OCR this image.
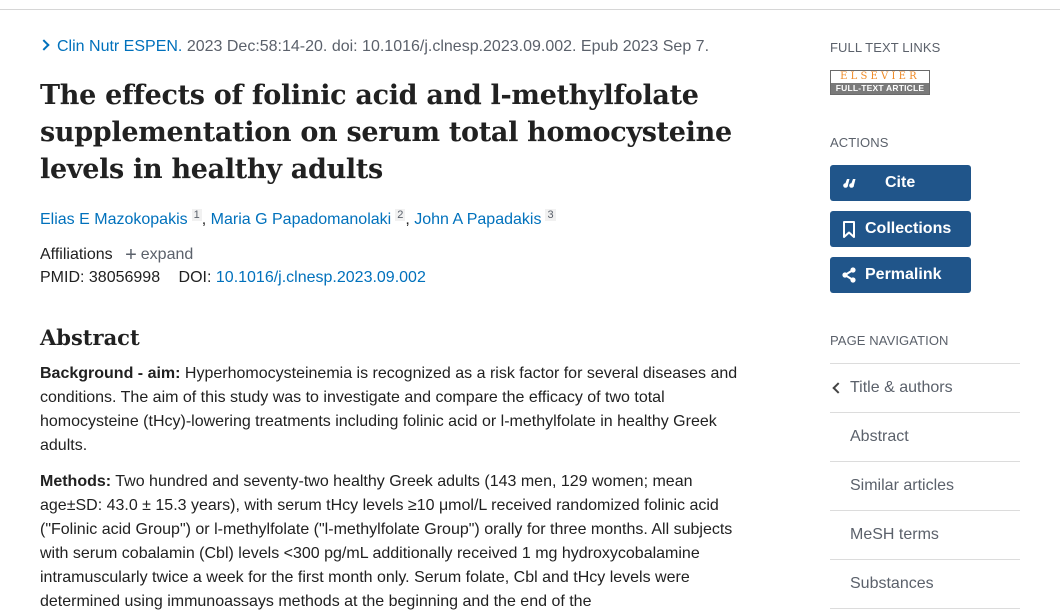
Clin Nutr ESPEN. 2023 Dec:58:14-20. doi: 10.1016/j.clnesp.2023.09.002. Epub 2023 Sep 7.
The effects of folinic acid and l-methylfolate supplementation on serum total homocysteine levels in healthy adults
Elias E Mazokopakis $^1$ , Maria G Papadomanolaki $^2$ , John A Papadakis $^3$
Affiliations + expand
PMID: 38056998 DOI: 10.1016/j.clnesp.2023.09.002
Abstract

Background - aim: Hyperhomocysteinemia is recognized as a risk factor for several diseases and conditions. The aim of this study was to investigate and compare the efficacy of two total homocysteine (tHcy)-lowering treatments including folinic acid or l-methylfolate in healthy Greek adults.

Methods: Two hundred and seventy-two healthy Greek adults (143 men, 129 women; mean age±SD: 43.0 ± 15.3 years), with serum tHcy levels ≥10 μmol/L received randomized folinic acid ("Folinic acid Group") or l-methylfolate ("l-methylfolate Group") orally for three months. All subjects with serum cobalamin (Cbl) levels <300 pg/mL additionally received 1 mg hydroxycobalamine intramuscularly twice a week for the first month only. Serum folate, Cbl and tHcy levels were determined using immunoassays methods at the beginning and the end of the

FULL TEXT LINKS
ELSEVIER
FULL-TEXT ARTICLE
ACTIONS
Cite
Collections
Permalink
PAGE NAVIGATION
Title & authors
Abstract
Similar articles
MeSH terms
Substances
